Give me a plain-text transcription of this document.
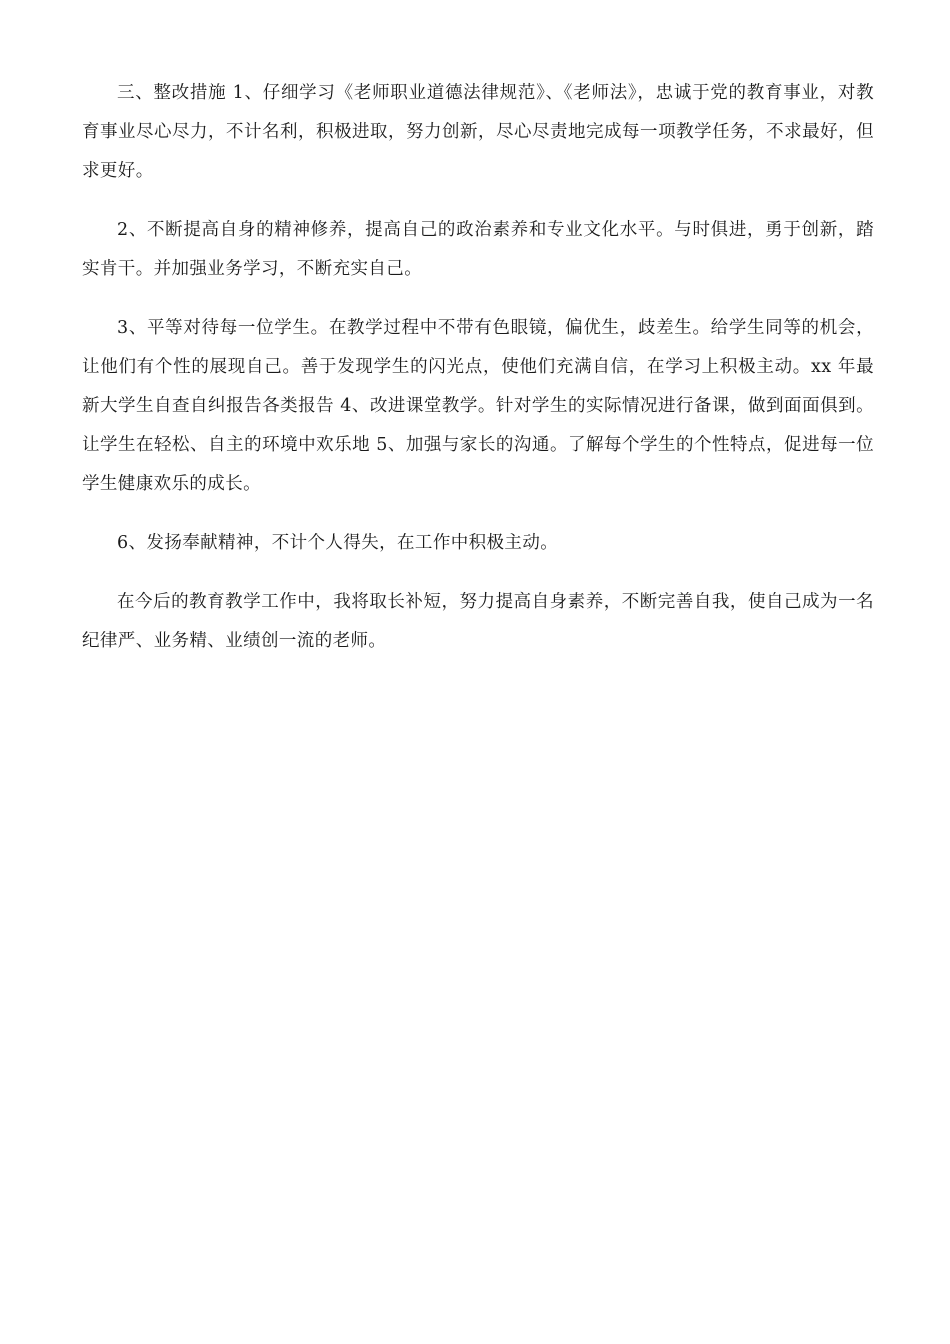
三、整改措施 1、仔细学习《老师职业道德法律规范》、《老师法》，忠诚于党的教育事业，对教育事业尽心尽力，不计名利，积极进取，努力创新，尽心尽责地完成每一项教学任务，不求最好，但求更好。

2、不断提高自身的精神修养，提高自己的政治素养和专业文化水平。与时俱进，勇于创新，踏实肯干。并加强业务学习，不断充实自己。

3、平等对待每一位学生。在教学过程中不带有色眼镜，偏优生，歧差生。给学生同等的机会，让他们有个性的展现自己。善于发现学生的闪光点，使他们充满自信，在学习上积极主动。xx 年最新大学生自查自纠报告各类报告 4、改进课堂教学。针对学生的实际情况进行备课，做到面面俱到。让学生在轻松、自主的环境中欢乐地 5、加强与家长的沟通。了解每个学生的个性特点，促进每一位学生健康欢乐的成长。

6、发扬奉献精神，不计个人得失，在工作中积极主动。

在今后的教育教学工作中，我将取长补短，努力提高自身素养，不断完善自我，使自己成为一名纪律严、业务精、业绩创一流的老师。
